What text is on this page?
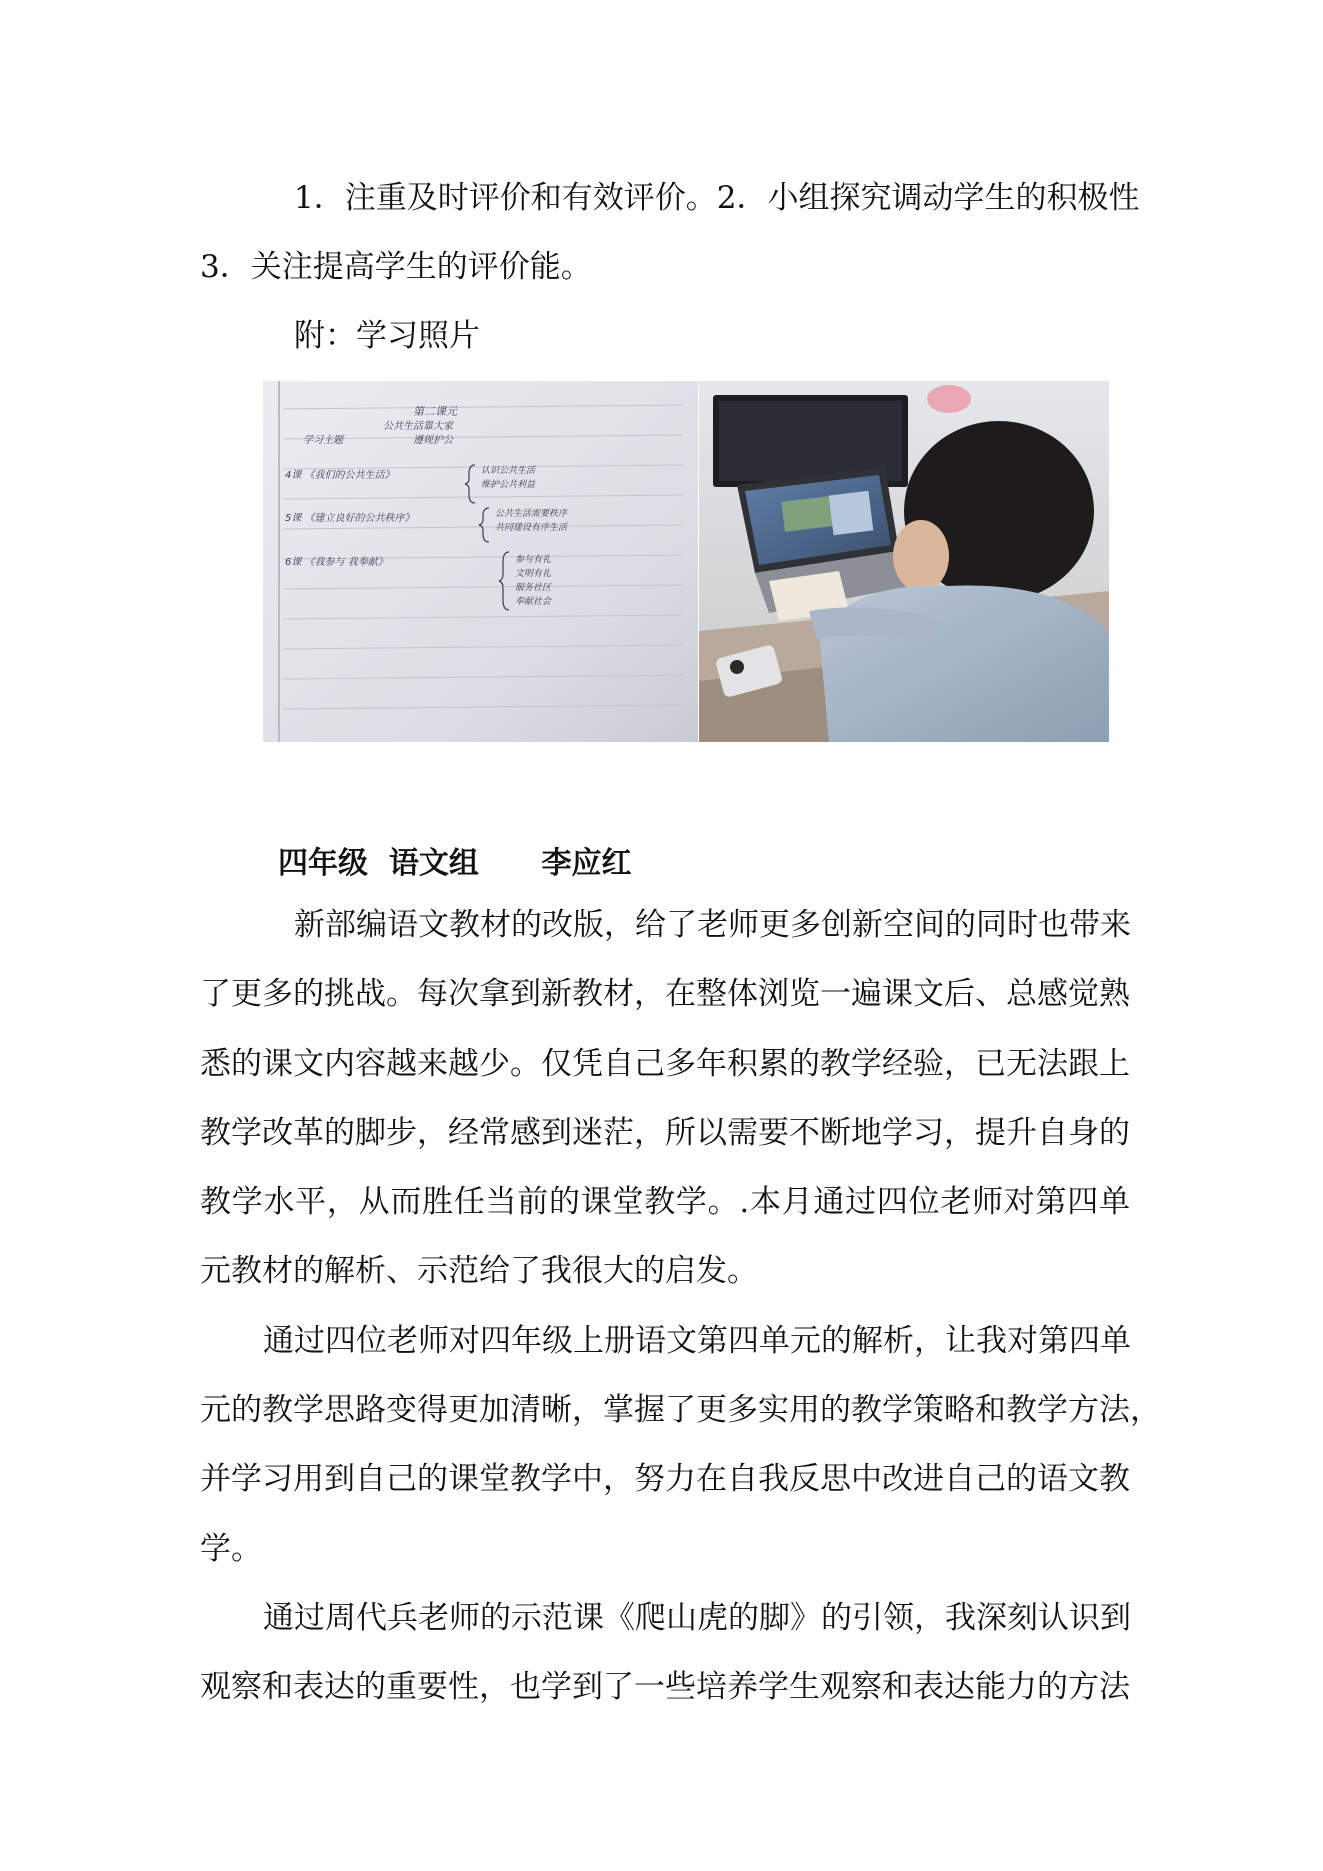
1．注重及时评价和有效评价。2．小组探究调动学生的积极性
3．关注提高学生的评价能。
附：学习照片
第二课元
公共生活靠大家
学习主题	遵规护公
4课 《我们的公共生活》	认识公共生活
维护公共利益
5课 《建立良好的公共秩序》	公共生活需要秩序
共同建设有序生活
6课 《我参与 我奉献》	参与有礼
文明有礼
服务社区
奉献社会
四年级  语文组      李应红
新部编语文教材的改版，给了老师更多创新空间的同时也带来
了更多的挑战。每次拿到新教材，在整体浏览一遍课文后、总感觉熟
悉的课文内容越来越少。仅凭自己多年积累的教学经验，已无法跟上
教学改革的脚步，经常感到迷茫，所以需要不断地学习，提升自身的
教学水平，从而胜任当前的课堂教学。.本月通过四位老师对第四单
元教材的解析、示范给了我很大的启发。
通过四位老师对四年级上册语文第四单元的解析，让我对第四单
元的教学思路变得更加清晰，掌握了更多实用的教学策略和教学方法，
并学习用到自己的课堂教学中，努力在自我反思中改进自己的语文教
学。
通过周代兵老师的示范课《爬山虎的脚》的引领，我深刻认识到
观察和表达的重要性，也学到了一些培养学生观察和表达能力的方法
